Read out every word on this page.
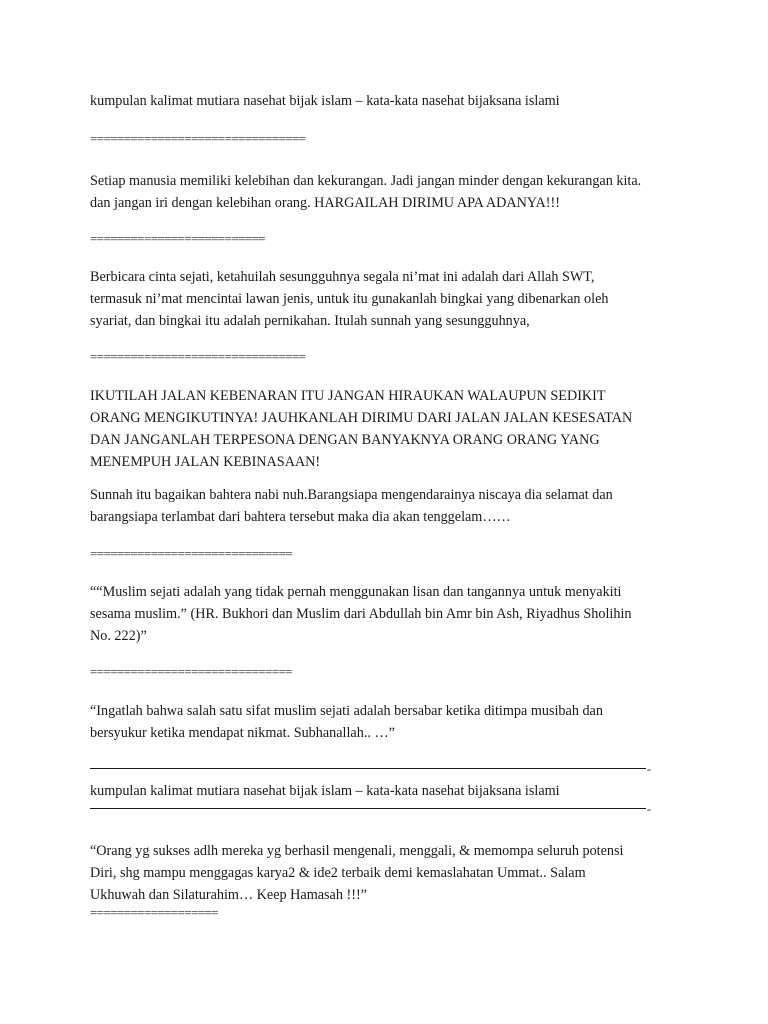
kumpulan kalimat mutiara nasehat bijak islam – kata-kata nasehat bijaksana islami
================================
Setiap manusia memiliki kelebihan dan kekurangan. Jadi jangan minder dengan kekurangan kita.
dan jangan iri dengan kelebihan orang. HARGAILAH DIRIMU APA ADANYA!!!
==========================
Berbicara cinta sejati, ketahuilah sesungguhnya segala ni’mat ini adalah dari Allah SWT,
termasuk ni’mat mencintai lawan jenis, untuk itu gunakanlah bingkai yang dibenarkan oleh
syariat, dan bingkai itu adalah pernikahan. Itulah sunnah yang sesungguhnya,
================================
IKUTILAH JALAN KEBENARAN ITU JANGAN HIRAUKAN WALAUPUN SEDIKIT
ORANG MENGIKUTINYA! JAUHKANLAH DIRIMU DARI JALAN JALAN KESESATAN
DAN JANGANLAH TERPESONA DENGAN BANYAKNYA ORANG ORANG YANG
MENEMPUH JALAN KEBINASAAN!
Sunnah itu bagaikan bahtera nabi nuh.Barangsiapa mengendarainya niscaya dia selamat dan
barangsiapa terlambat dari bahtera tersebut maka dia akan tenggelam……
==============================
““Muslim sejati adalah yang tidak pernah menggunakan lisan dan tangannya untuk menyakiti
sesama muslim.” (HR. Bukhori dan Muslim dari Abdullah bin Amr bin Ash, Riyadhus Sholihin
No. 222)”
==============================
“Ingatlah bahwa salah satu sifat muslim sejati adalah bersabar ketika ditimpa musibah dan
bersyukur ketika mendapat nikmat. Subhanallah.. …”
-
kumpulan kalimat mutiara nasehat bijak islam – kata-kata nasehat bijaksana islami
-
“Orang yg sukses adlh mereka yg berhasil mengenali, menggali, & memompa seluruh potensi
Diri, shg mampu menggagas karya2 & ide2 terbaik demi kemaslahatan Ummat.. Salam
Ukhuwah dan Silaturahim… Keep Hamasah !!!”
===================
